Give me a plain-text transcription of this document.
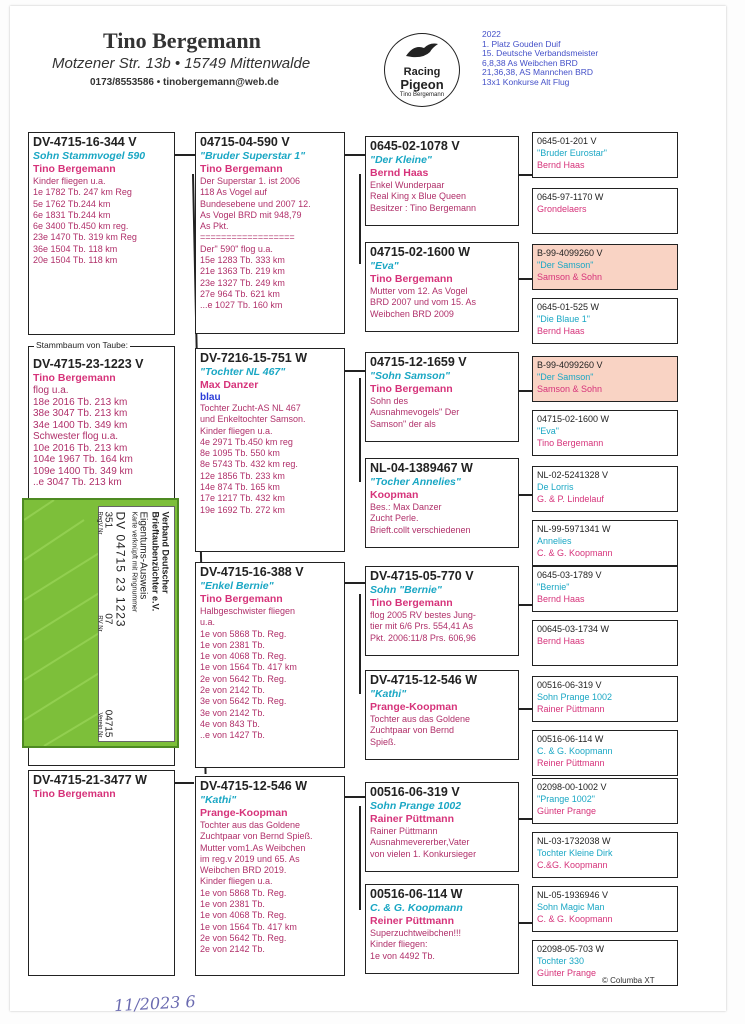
Tino Bergemann
Motzener Str. 13b • 15749 Mittenwalde
0173/8553586 • tinobergemann@web.de
Racing
Pigeon
Tino Bergemann
2022
1. Platz Gouden Duif
15. Deutsche Verbandsmeister
6,8,38 As Weibchen BRD
21,36,38, AS Mannchen BRD
13x1 Konkurse Alt Flug
DV-4715-16-344 V
Sohn Stammvogel 590
Tino Bergemann
Kinder fliegen u.a.
1e 1782 Tb. 247 km Reg
5e 1762 Tb.244 km
6e 1831 Tb.244 km
6e 3400 Tb.450 km reg.
23e 1470 Tb. 319 km Reg
36e 1504 Tb. 118 km
20e 1504 Tb. 118 km
Stammbaum von Taube:
DV-4715-23-1223 V
Tino Bergemann
flog u.a.
18e 2016 Tb. 213 km
38e 3047 Tb. 213 km
34e 1400 Tb. 349 km
Schwester flog u.a.
10e 2016 Tb. 213 km
104e 1967 Tb. 164 km
109e 1400 Tb. 349 km
..e 3047 Tb. 213 km
DV-4715-21-3477 W
Tino Bergemann
Verband Deutscher
Brieftaubenzüchter e.V.
Eigentums-Ausweis
Karte verknüpft mit Ringnummer
DV 04715 23 1223
351
07
04715
RegV Nr
RV Nr
Verein Nr
04715-04-590 V
"Bruder Superstar 1"
Tino Bergemann
Der Superstar 1. ist 2006
118 As Vogel auf
Bundesebene und 2007 12.
As Vogel BRD mit 948,79
As Pkt.
==================
Der" 590" flog u.a.
15e 1283 Tb. 333 km
21e 1363 Tb. 219 km
23e 1327 Tb. 249 km
27e 964 Tb. 621 km
...e 1027 Tb. 160 km
DV-7216-15-751 W
"Tochter NL 467"
Max Danzer
blau
Tochter Zucht-AS NL 467
und Enkeltochter Samson.
Kinder fliegen u.a.
4e 2971 Tb.450 km reg
8e 1095 Tb. 550 km
8e 5743 Tb. 432 km reg.
12e 1856 Tb. 233 km
14e 874 Tb. 165 km
17e 1217 Tb. 432 km
19e 1692 Tb. 272 km
DV-4715-16-388 V
"Enkel Bernie"
Tino Bergemann
Halbgeschwister fliegen
u.a.
1e von 5868 Tb. Reg.
1e von 2381 Tb.
1e von 4068 Tb. Reg.
1e von 1564 Tb. 417 km
2e von 5642 Tb. Reg.
2e von 2142 Tb.
3e von 5642 Tb. Reg.
3e von 2142 Tb.
4e von 843 Tb.
..e von 1427 Tb.
DV-4715-12-546 W
"Kathi"
Prange-Koopman
Tochter aus das Goldene
Zuchtpaar von Bernd Spieß.
Mutter vom1.As Weibchen
im reg.v 2019 und 65. As
Weibchen BRD 2019.
Kinder fliegen u.a.
1e von 5868 Tb. Reg.
1e von 2381 Tb.
1e von 4068 Tb. Reg.
1e von 1564 Tb. 417 km
2e von 5642 Tb. Reg.
2e von 2142 Tb.
0645-02-1078 V
"Der Kleine"
Bernd Haas
Enkel Wunderpaar
Real King x Blue Queen
Besitzer : Tino Bergemann
04715-02-1600 W
"Eva"
Tino Bergemann
Mutter vom 12. As Vogel
BRD 2007 und vom 15. As
Weibchen BRD 2009
04715-12-1659 V
"Sohn Samson"
Tino Bergemann
Sohn des
Ausnahmevogels" Der
Samson" der als
NL-04-1389467 W
"Tocher Annelies"
Koopman
Bes.: Max Danzer
Zucht Perle.
Brieft.collt verschiedenen
DV-4715-05-770 V
Sohn "Bernie"
Tino Bergemann
flog 2005 RV bestes Jung-
tier mit 6/6 Prs. 554,41 As
Pkt. 2006:11/8 Prs. 606,96
DV-4715-12-546 W
"Kathi"
Prange-Koopman
Tochter aus das Goldene
Zuchtpaar von Bernd
Spieß.
00516-06-319 V
Sohn Prange 1002
Rainer Püttmann
Rainer Püttmann
Ausnahmevererber,Vater
von vielen 1. Konkursieger
00516-06-114 W
C. & G. Koopmann
Reiner Püttmann
Superzuchtweibchen!!!
Kinder fliegen:
1e von 4492 Tb.
0645-01-201 V
"Bruder Eurostar"
Bernd Haas
0645-97-1170 W
Grondelaers
B-99-4099260 V
"Der Samson"
Samson & Sohn
0645-01-525 W
"Die Blaue 1"
Bernd Haas
B-99-4099260 V
"Der Samson"
Samson & Sohn
04715-02-1600 W
"Eva"
Tino Bergemann
NL-02-5241328 V
De Lorris
G. & P. Lindelauf
NL-99-5971341 W
Annelies
C. & G. Koopmann
0645-03-1789 V
"Bernie"
Bernd Haas
00645-03-1734 W
Bernd Haas
00516-06-319 V
Sohn Prange 1002
Rainer Püttmann
00516-06-114 W
C. & G. Koopmann
Reiner Püttmann
02098-00-1002 V
"Prange 1002"
Günter Prange
NL-03-1732038 W
Tochter Kleine Dirk
C.&G. Koopmann
NL-05-1936946 V
Sohn Magic Man
C. & G. Koopmann
02098-05-703 W
Tochter 330
Günter Prange
© Columba XT
11/2023 6
